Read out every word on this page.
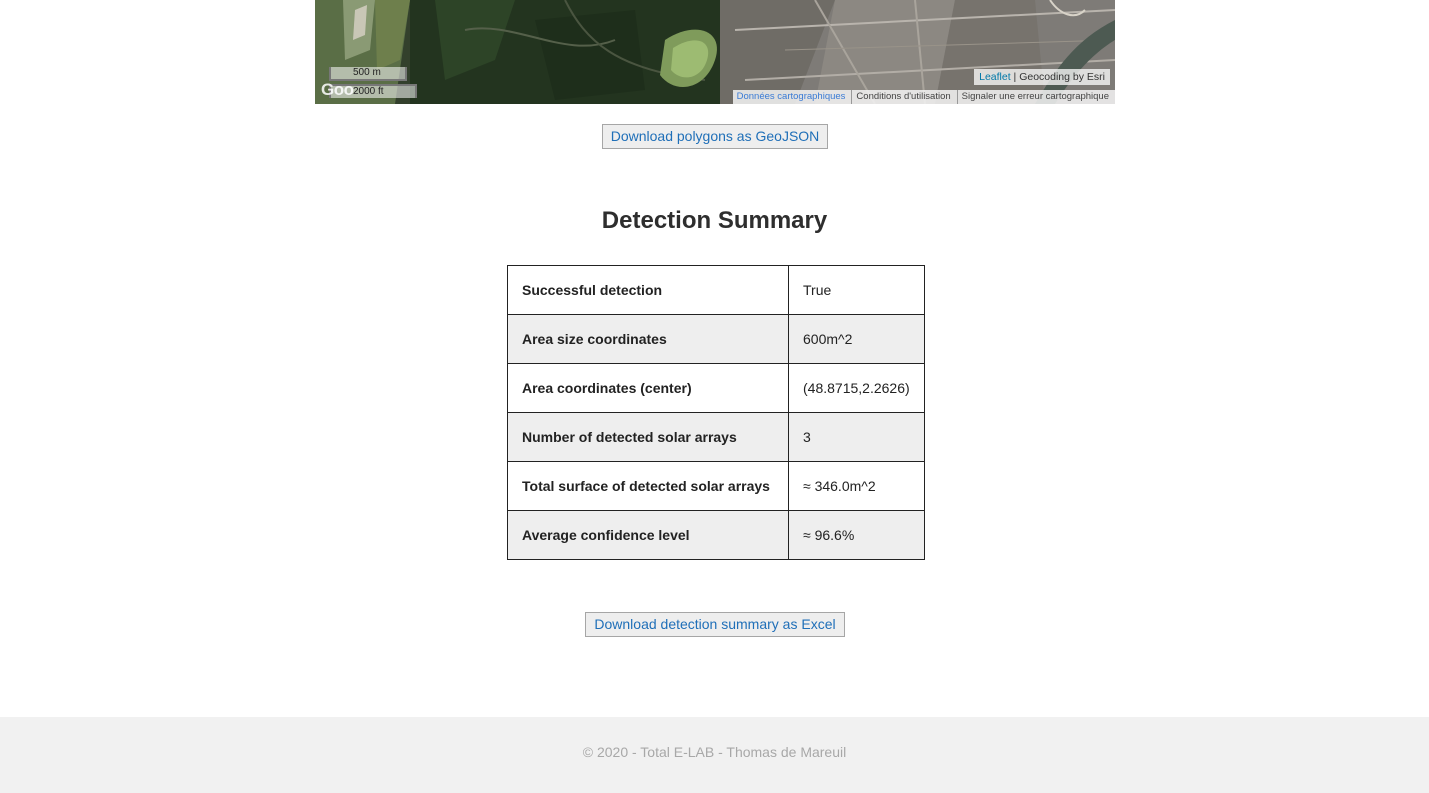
500 m
2000 ft
Goo
Leaflet | Geocoding by Esri
Données cartographiques	Conditions d'utilisation	Signaler une erreur cartographique
Download polygons as GeoJSON
Detection Summary
Successful detection	True
Area size coordinates	600m^2
Area coordinates (center)	(48.8715,2.2626)
Number of detected solar arrays	3
Total surface of detected solar arrays	≈ 346.0m^2
Average confidence level	≈ 96.6%
Download detection summary as Excel
© 2020 - Total E-LAB - Thomas de Mareuil
